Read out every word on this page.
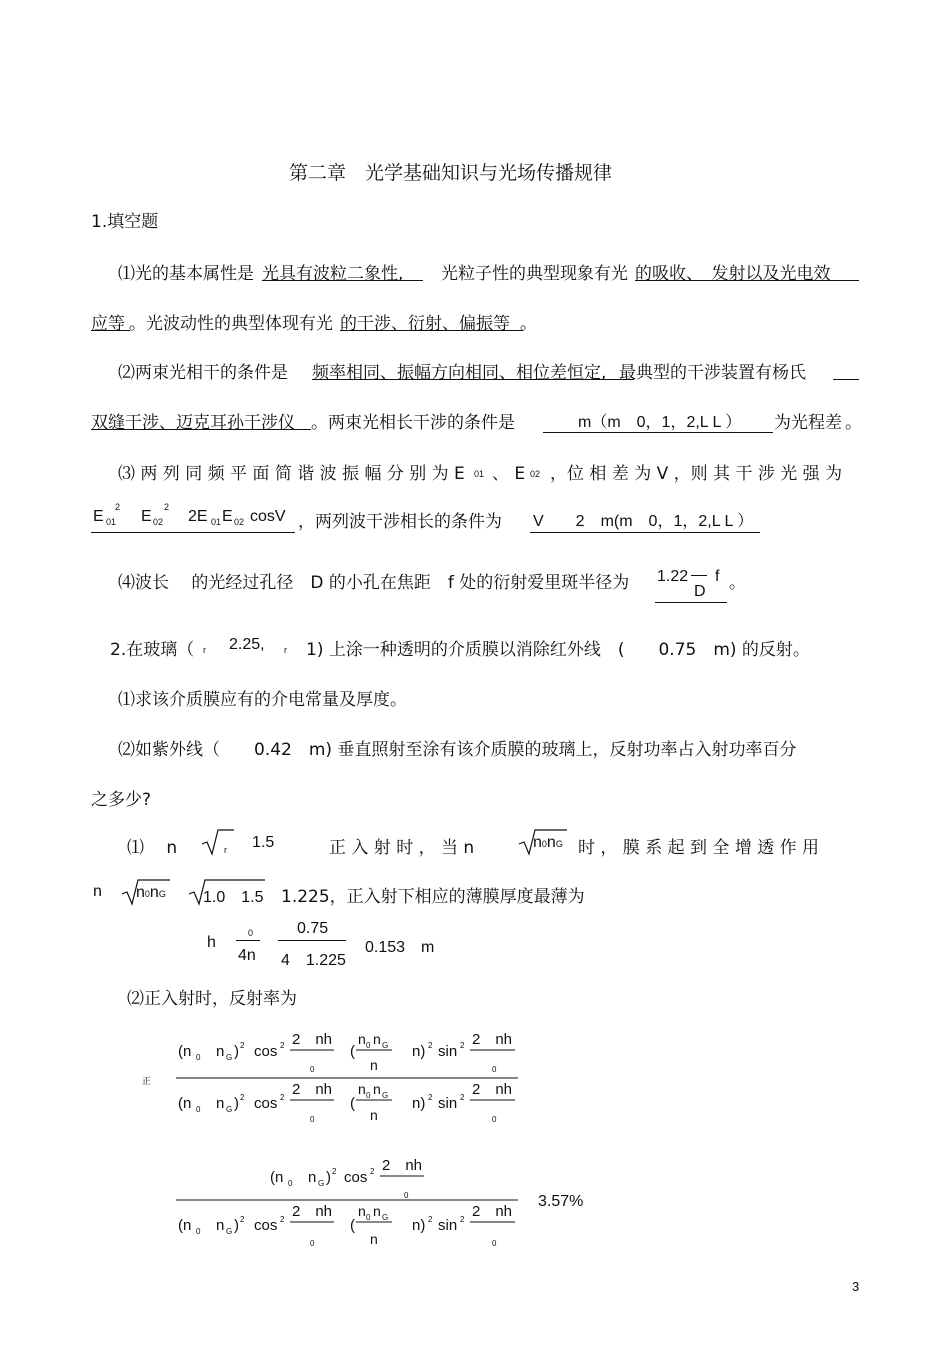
第二章　光学基础知识与光场传播规律
1.填空题
⑴光的基本属性是 光具有波粒二象性, 光粒子性的典型现象有光 的吸收、　发射以及光电效
应等 。光波动性的典型体现有光 的干涉、衍射、偏振等 。
⑵两束光相干的条件是 频率相同、振幅方向相同、相位差恒定, 最典型的干涉装置有杨氏
双缝干涉、迈克耳孙干涉仪 。两束光相长干涉的条件是	m（m　0，1，2,L L ） 为光程差 。
⑶ 两 列 同 频 平 面 简 谐 波 振 幅 分 别 为 E 01 、 E 02 ，位 相 差 为 V ，则 其 干 涉 光 强 为
E 01
2
E 02
2
2E 01 E 02 cosV ，两列波干涉相长的条件为 V　　2　m(m　0，1，2,L L ）
⑷波长　 的光经过孔径　D 的小孔在焦距　f 处的衍射爱里斑半径为 1.22
D
f 。
2.在玻璃（ r 2.25, r 1) 上涂一种透明的介质膜以消除红外线　(　　0.75　m) 的反射。
⑴求该介质膜应有的介电常量及厚度。
⑵如紫外线（　　0.42　m) 垂直照射至涂有该介质膜的玻璃上，反射功率占入射功率百分
之多少?
⑴　 n	r 1.5	正 入 射 时 ， 当 n	n0nG 时 ， 膜 系 起 到 全 增 透 作 用
n n0nG 1.0　1.5 1.225，正入射下相应的薄膜厚度最薄为
h
0
4n
0.75
4　1.225
0.153　m
⑵正入射时，反射率为
正
(n 0 n G ) 2 cos 2 2　nh
0
(
n 0 n G
n
n) 2 sin 2 2　nh
0
(n 0 n G ) 2 cos 2 2　nh
0
(
n 0 n G
n
n) 2 sin 2 2　nh
0
(n 0 n G ) 2 cos 2 2　nh
0
(n 0 n G ) 2 cos 2 2　nh
0
(
n 0 n G
n
n) 2 sin 2 2　nh
0
3.57%
3
